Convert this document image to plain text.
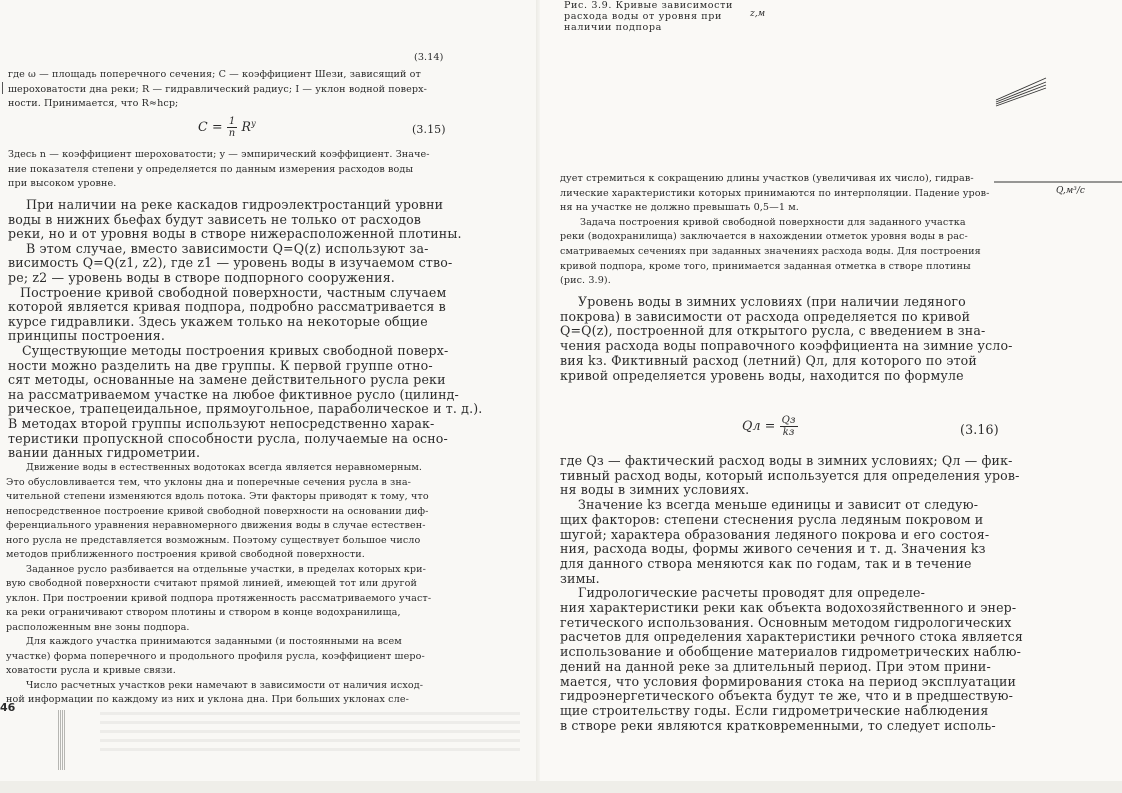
(3.14)
где ω — площадь поперечного сечения; C — коэффициент Шези, зависящий от
шероховатости дна реки; R — гидравлический радиус; I — уклон водной поверх-
ности. Принимается, что R≈hср;
$C = \frac{1}{n} R^y$	(3.15)
Здесь n — коэффициент шероховатости; y — эмпирический коэффициент. Значе-
ние показателя степени y определяется по данным измерения расходов воды
при высоком уровне.
При наличии на реке каскадов гидроэлектростанций уровни
воды в нижних бьефах будут зависеть не только от расходов
реки, но и от уровня воды в створе нижерасположенной плотины.
В этом случае, вместо зависимости Q=Q(z) используют за-
висимость Q=Q(z1, z2), где z1 — уровень воды в изучаемом ство-
ре; z2 — уровень воды в створе подпорного сооружения.
Построение кривой свободной поверхности, частным случаем
которой является кривая подпора, подробно рассматривается в
курсе гидравлики. Здесь укажем только на некоторые общие
принципы построения.
Существующие методы построения кривых свободной поверх-
ности можно разделить на две группы. К первой группе отно-
сят методы, основанные на замене действительного русла реки
на рассматриваемом участке на любое фиктивное русло (цилинд-
рическое, трапецеидальное, прямоугольное, параболическое и т. д.).
В методах второй группы используют непосредственно харак-
теристики пропускной способности русла, получаемые на осно-
вании данных гидрометрии.
Движение воды в естественных водотоках всегда является неравномерным.
Это обусловливается тем, что уклоны дна и поперечные сечения русла в зна-
чительной степени изменяются вдоль потока. Эти факторы приводят к тому, что
непосредственное построение кривой свободной поверхности на основании диф-
ференциального уравнения неравномерного движения воды в случае естествен-
ного русла не представляется возможным. Поэтому существует большое число
методов приближенного построения кривой свободной поверхности.
Заданное русло разбивается на отдельные участки, в пределах которых кри-
вую свободной поверхности считают прямой линией, имеющей тот или другой
уклон. При построении кривой подпора протяженность рассматриваемого участ-
ка реки ограничивают створом плотины и створом в конце водохранилища,
расположенным вне зоны подпора.
Для каждого участка принимаются заданными (и постоянными на всем
участке) форма поперечного и продольного профиля русла, коэффициент шеро-
ховатости русла и кривые связи.
Число расчетных участков реки намечают в зависимости от наличия исход-
ной информации по каждому из них и уклона дна. При больших уклонах сле-
46
Рис. 3.9. Кривые зависимости
расхода воды от уровня при
наличии подпора
z,м
Q,м³/с
дует стремиться к сокращению длины участков (увеличивая их число), гидрав-
лические характеристики которых принимаются по интерполяции. Падение уров-
ня на участке не должно превышать 0,5—1 м.
Задача построения кривой свободной поверхности для заданного участка
реки (водохранилища) заключается в нахождении отметок уровня воды в рас-
сматриваемых сечениях при заданных значениях расхода воды. Для построения
кривой подпора, кроме того, принимается заданная отметка в створе плотины
(рис. 3.9).
Уровень воды в зимних условиях (при наличии ледяного
покрова) в зависимости от расхода определяется по кривой
Q=Q(z), построенной для открытого русла, с введением в зна-
чения расхода воды поправочного коэффициента на зимние усло-
вия kз. Фиктивный расход (летний) Qл, для которого по этой
кривой определяется уровень воды, находится по формуле
Qл = $\frac{Qз}{kз}$	(3.16)
где Qз — фактический расход воды в зимних условиях; Qл — фик-
тивный расход воды, который используется для определения уров-
ня воды в зимних условиях.
Значение kз всегда меньше единицы и зависит от следую-
щих факторов: степени стеснения русла ледяным покровом и
шугой; характера образования ледяного покрова и его состоя-
ния, расхода воды, формы живого сечения и т. д. Значения kз
для данного створа меняются как по годам, так и в течение
зимы.
Гидрологические расчеты проводят для определе-
ния характеристики реки как объекта водохозяйственного и энер-
гетического использования. Основным методом гидрологических
расчетов для определения характеристики речного стока является
использование и обобщение материалов гидрометрических наблю-
дений на данной реке за длительный период. При этом прини-
мается, что условия формирования стока на период эксплуатации
гидроэнергетического объекта будут те же, что и в предшествую-
щие строительству годы. Если гидрометрические наблюдения
в створе реки являются кратковременными, то следует исполь-
